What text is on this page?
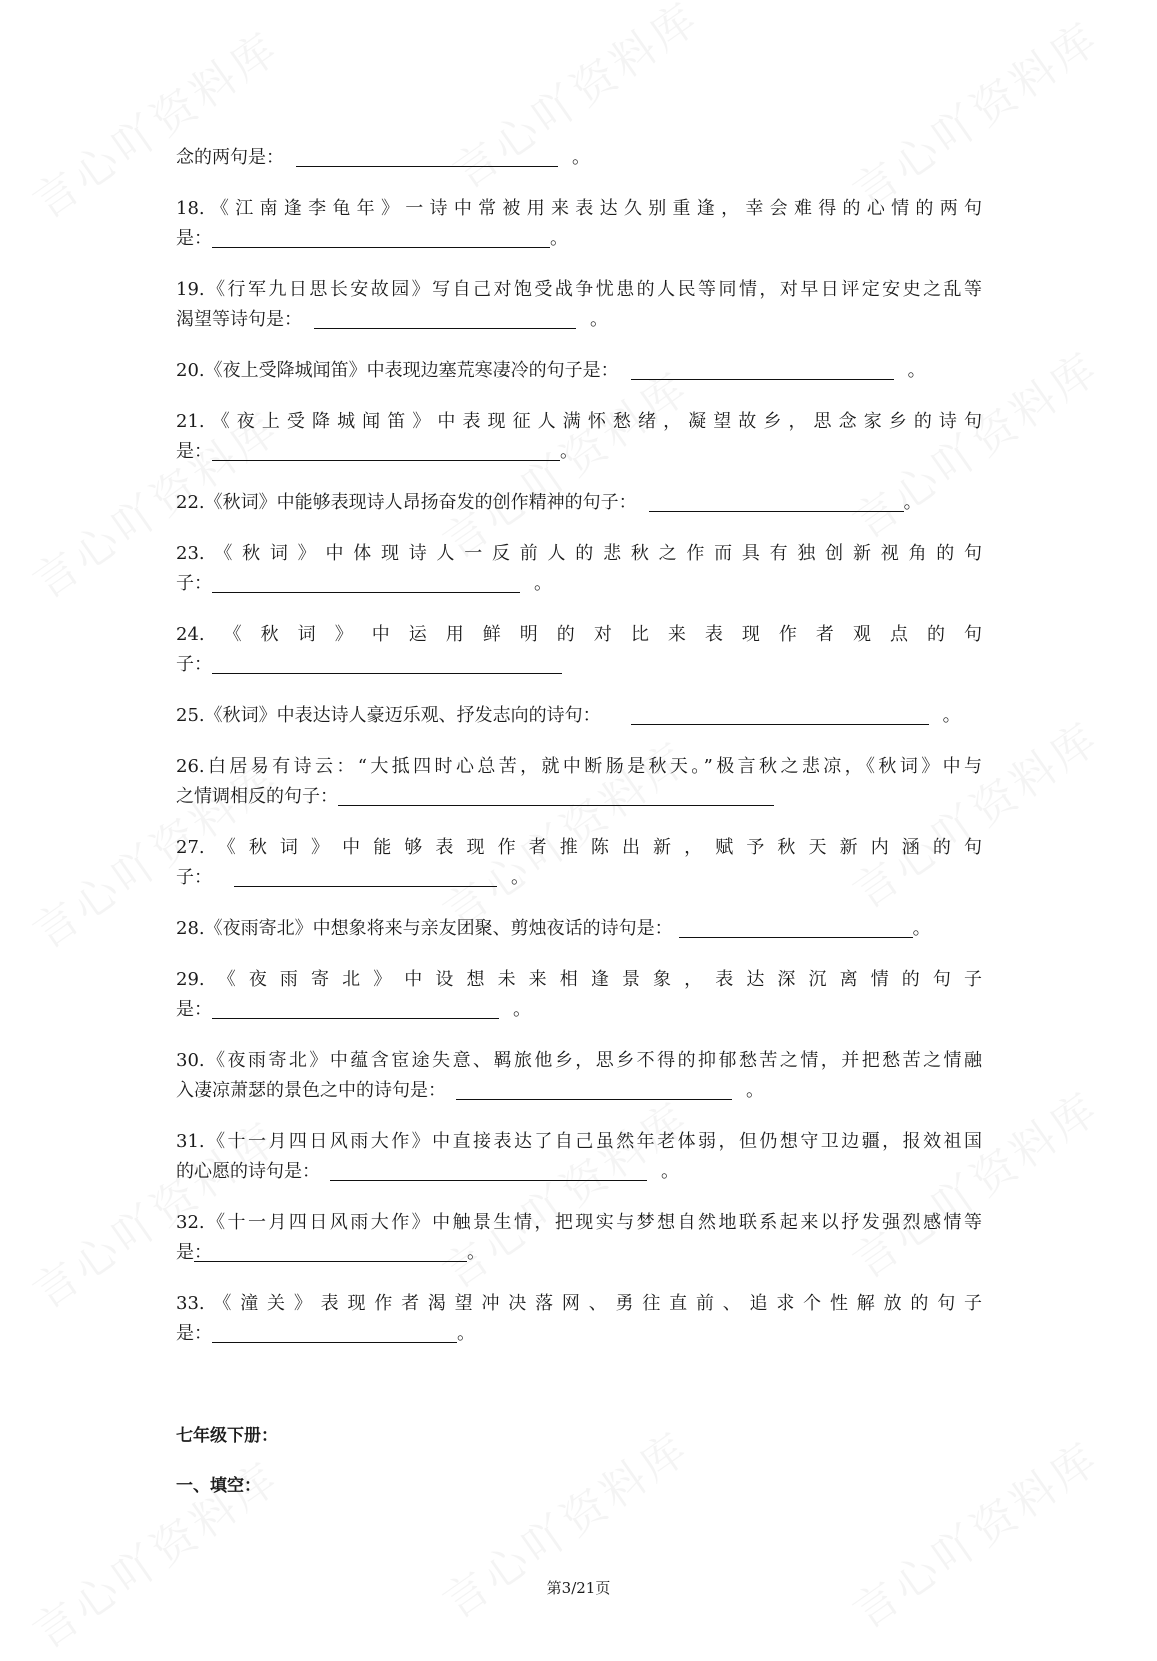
念的两句是：	。
18.《江南逢李龟年》一诗中常被用来表达久别重逢，幸会难得的心情的两句
是：	。
19.《行军九日思长安故园》写自己对饱受战争忧患的人民等同情，对早日评定安史之乱等
渴望等诗句是：	。
20.《夜上受降城闻笛》中表现边塞荒寒凄冷的句子是：	。
21.《夜上受降城闻笛》中表现征人满怀愁绪，凝望故乡，思念家乡的诗句
是：	。
22.《秋词》中能够表现诗人昂扬奋发的创作精神的句子：	。
23.《秋词》中体现诗人一反前人的悲秋之作而具有独创新视角的句
子：	。
24.《秋词》中运用鲜明的对比来表现作者观点的句
子：
25.《秋词》中表达诗人豪迈乐观、抒发志向的诗句：	。
26.白居易有诗云：“大抵四时心总苦，就中断肠是秋天。”极言秋之悲凉，《秋词》中与
之情调相反的句子：
27.《秋词》中能够表现作者推陈出新，赋予秋天新内涵的句
子：	。
28.《夜雨寄北》中想象将来与亲友团聚、剪烛夜话的诗句是：	。
29.《夜雨寄北》中设想未来相逢景象，表达深沉离情的句子
是：	。
30.《夜雨寄北》中蕴含宦途失意、羁旅他乡，思乡不得的抑郁愁苦之情，并把愁苦之情融
入凄凉萧瑟的景色之中的诗句是：	。
31.《十一月四日风雨大作》中直接表达了自己虽然年老体弱，但仍想守卫边疆，报效祖国
的心愿的诗句是：	。
32.《十一月四日风雨大作》中触景生情，把现实与梦想自然地联系起来以抒发强烈感情等
是：	。
33.《潼关》表现作者渴望冲决落网、勇往直前、追求个性解放的句子
是：	。
七年级下册：
一、填空：
第3/21页
